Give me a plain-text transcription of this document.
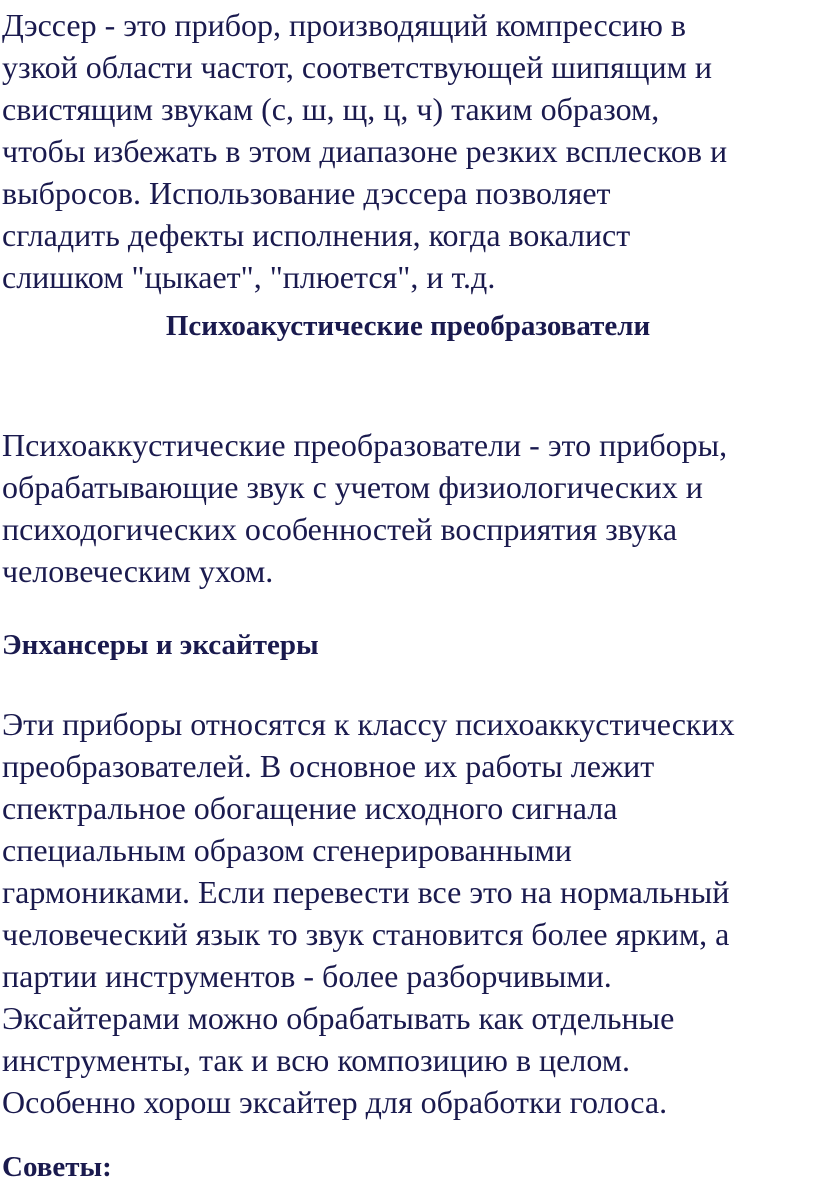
Дэссер - это прибор, производящий компрессию в
узкой области частот, соответствующей шипящим и
свистящим звукам (с, ш, щ, ц, ч) таким образом,
чтобы избежать в этом диапазоне резких всплесков и
выбросов. Использование дэссера позволяет
сгладить дефекты исполнения, когда вокалист
слишком "цыкает", "плюется", и т.д.

Психоакустические преобразователи

Психоаккустические преобразователи - это приборы,
обрабатывающие звук с учетом физиологических и
психодогических особенностей восприятия звука
человеческим ухом.

Энхансеры и эксайтеры

Эти приборы относятся к классу психоаккустических
преобразователей. В основное их работы лежит
спектральное обогащение исходного сигнала
специальным образом сгенерированными
гармониками. Если перевести все это на нормальный
человеческий язык то звук становится более ярким, а
партии инструментов - более разборчивыми.
Эксайтерами можно обрабатывать как отдельные
инструменты, так и всю композицию в целом.
Особенно хорош эксайтер для обработки голоса.

Советы:
